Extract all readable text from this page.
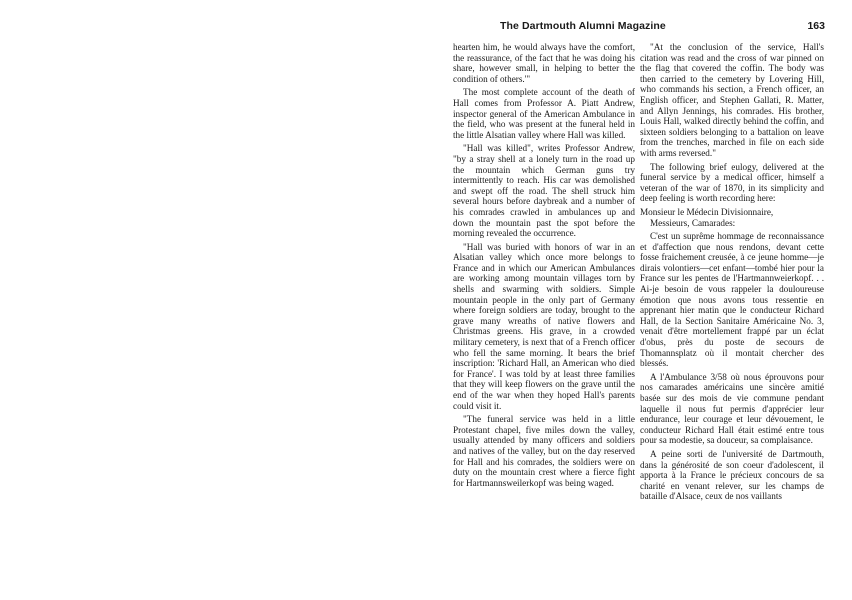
The Dartmouth Alumni Magazine	163

hearten him, he would always have the comfort, the reassurance, of the fact that he was doing his share, however small, in helping to better the condition of others.'"

The most complete account of the death of Hall comes from Professor A. Piatt Andrew, inspector general of the American Ambulance in the field, who was present at the funeral held in the little Alsatian valley where Hall was killed.

"Hall was killed", writes Professor Andrew, "by a stray shell at a lonely turn in the road up the mountain which German guns try intermittently to reach. His car was demolished and swept off the road. The shell struck him several hours before daybreak and a number of his comrades crawled in ambulances up and down the mountain past the spot before the morning revealed the occurrence.

"Hall was buried with honors of war in an Alsatian valley which once more belongs to France and in which our American Ambulances are working among mountain villages torn by shells and swarming with soldiers. Simple mountain people in the only part of Germany where foreign soldiers are today, brought to the grave many wreaths of native flowers and Christmas greens. His grave, in a crowded military cemetery, is next that of a French officer who fell the same morning. It bears the brief inscription: 'Richard Hall, an American who died for France'. I was told by at least three families that they will keep flowers on the grave until the end of the war when they hoped Hall's parents could visit it.

"The funeral service was held in a little Protestant chapel, five miles down the valley, usually attended by many officers and soldiers and natives of the valley, but on the day reserved for Hall and his comrades, the soldiers were on duty on the mountain crest where a fierce fight for Hartmannsweilerkopf was being waged.

"At the conclusion of the service, Hall's citation was read and the cross of war pinned on the flag that covered the coffin. The body was then carried to the cemetery by Lovering Hill, who commands his section, a French officer, an English officer, and Stephen Gallati, R. Matter, and Allyn Jennings, his comrades. His brother, Louis Hall, walked directly behind the coffin, and sixteen soldiers belonging to a battalion on leave from the trenches, marched in file on each side with arms reversed."

The following brief eulogy, delivered at the funeral service by a medical officer, himself a veteran of the war of 1870, in its simplicity and deep feeling is worth recording here:

Monsieur le Médecin Divisionnaire,

Messieurs, Camarades:

C'est un suprême hommage de reconnaissance et d'affection que nous rendons, devant cette fosse fraichement creusée, à ce jeune homme—je dirais volontiers—cet enfant—tombé hier pour la France sur les pentes de l'Hartmannweierkopf. . . Ai-je besoin de vous rappeler la douloureuse émotion que nous avons tous ressentie en apprenant hier matin que le conducteur Richard Hall, de la Section Sanitaire Américaine No. 3, venait d'être mortellement frappé par un éclat d'obus, près du poste de secours de Thomannsplatz où il montait chercher des blessés.

A l'Ambulance 3/58 où nous éprouvons pour nos camarades américains une sincère amitié basée sur des mois de vie commune pendant laquelle il nous fut permis d'apprécier leur endurance, leur courage et leur dévouement, le conducteur Richard Hall était estimé entre tous pour sa modestie, sa douceur, sa complaisance.

A peine sorti de l'université de Dartmouth, dans la générosité de son coeur d'adolescent, il apporta à la France le précieux concours de sa charité en venant relever, sur les champs de bataille d'Alsace, ceux de nos vaillants
